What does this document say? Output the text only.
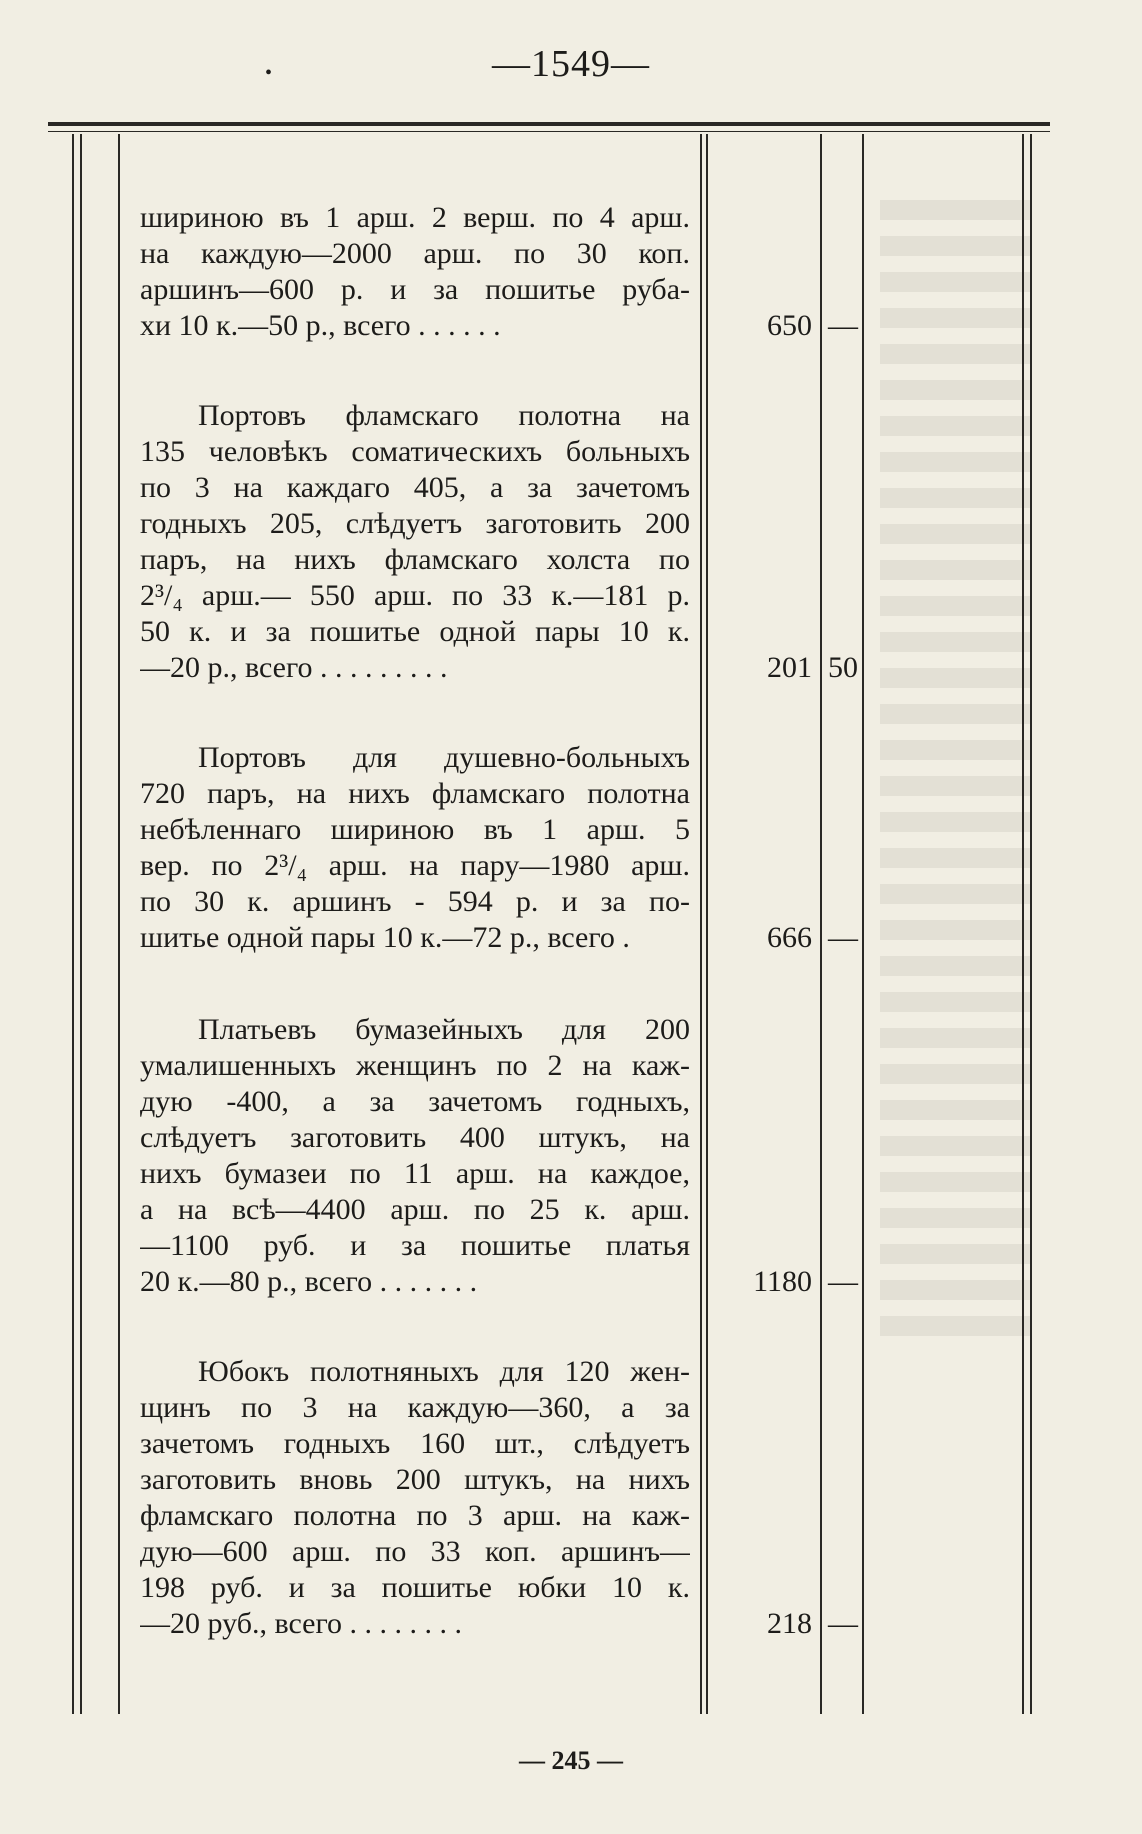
—1549—
•
шириною въ 1 арш. 2 верш. по 4 арш.
на каждую—2000 арш. по 30 коп.
аршинъ—600 р. и за пошитье руба-
хи 10 к.—50 р., всего . . . . . .	650 —
Портовъ фламскаго полотна на
135 человѣкъ соматическихъ больныхъ
по 3 на каждаго 405, а за зачетомъ
годныхъ 205, слѣдуетъ заготовить 200
паръ, на нихъ фламскаго холста по
2³/₄ арш.— 550 арш. по 33 к.—181 р.
50 к. и за пошитье одной пары 10 к.
—20 р., всего . . . . . . . . .	201 50
Портовъ для душевно-больныхъ
720 паръ, на нихъ фламскаго полотна
небѣленнаго шириною въ 1 арш. 5
вер. по 2³/₄ арш. на пару—1980 арш.
по 30 к. аршинъ - 594 р. и за по-
шитье одной пары 10 к.—72 р., всего .	666 —
Платьевъ бумазейныхъ для 200
умалишенныхъ женщинъ по 2 на каж-
дую -400, а за зачетомъ годныхъ,
слѣдуетъ заготовить 400 штукъ, на
нихъ бумазеи по 11 арш. на каждое,
а на всѣ—4400 арш. по 25 к. арш.
—1100 руб. и за пошитье платья
20 к.—80 р., всего . . . . . . .	1180 —
Юбокъ полотняныхъ для 120 жен-
щинъ по 3 на каждую—360, а за
зачетомъ годныхъ 160 шт., слѣдуетъ
заготовить вновь 200 штукъ, на нихъ
фламскаго полотна по 3 арш. на каж-
дую—600 арш. по 33 коп. аршинъ—
198 руб. и за пошитье юбки 10 к.
—20 руб., всего . . . . . . . .	218 —
— 245 —
